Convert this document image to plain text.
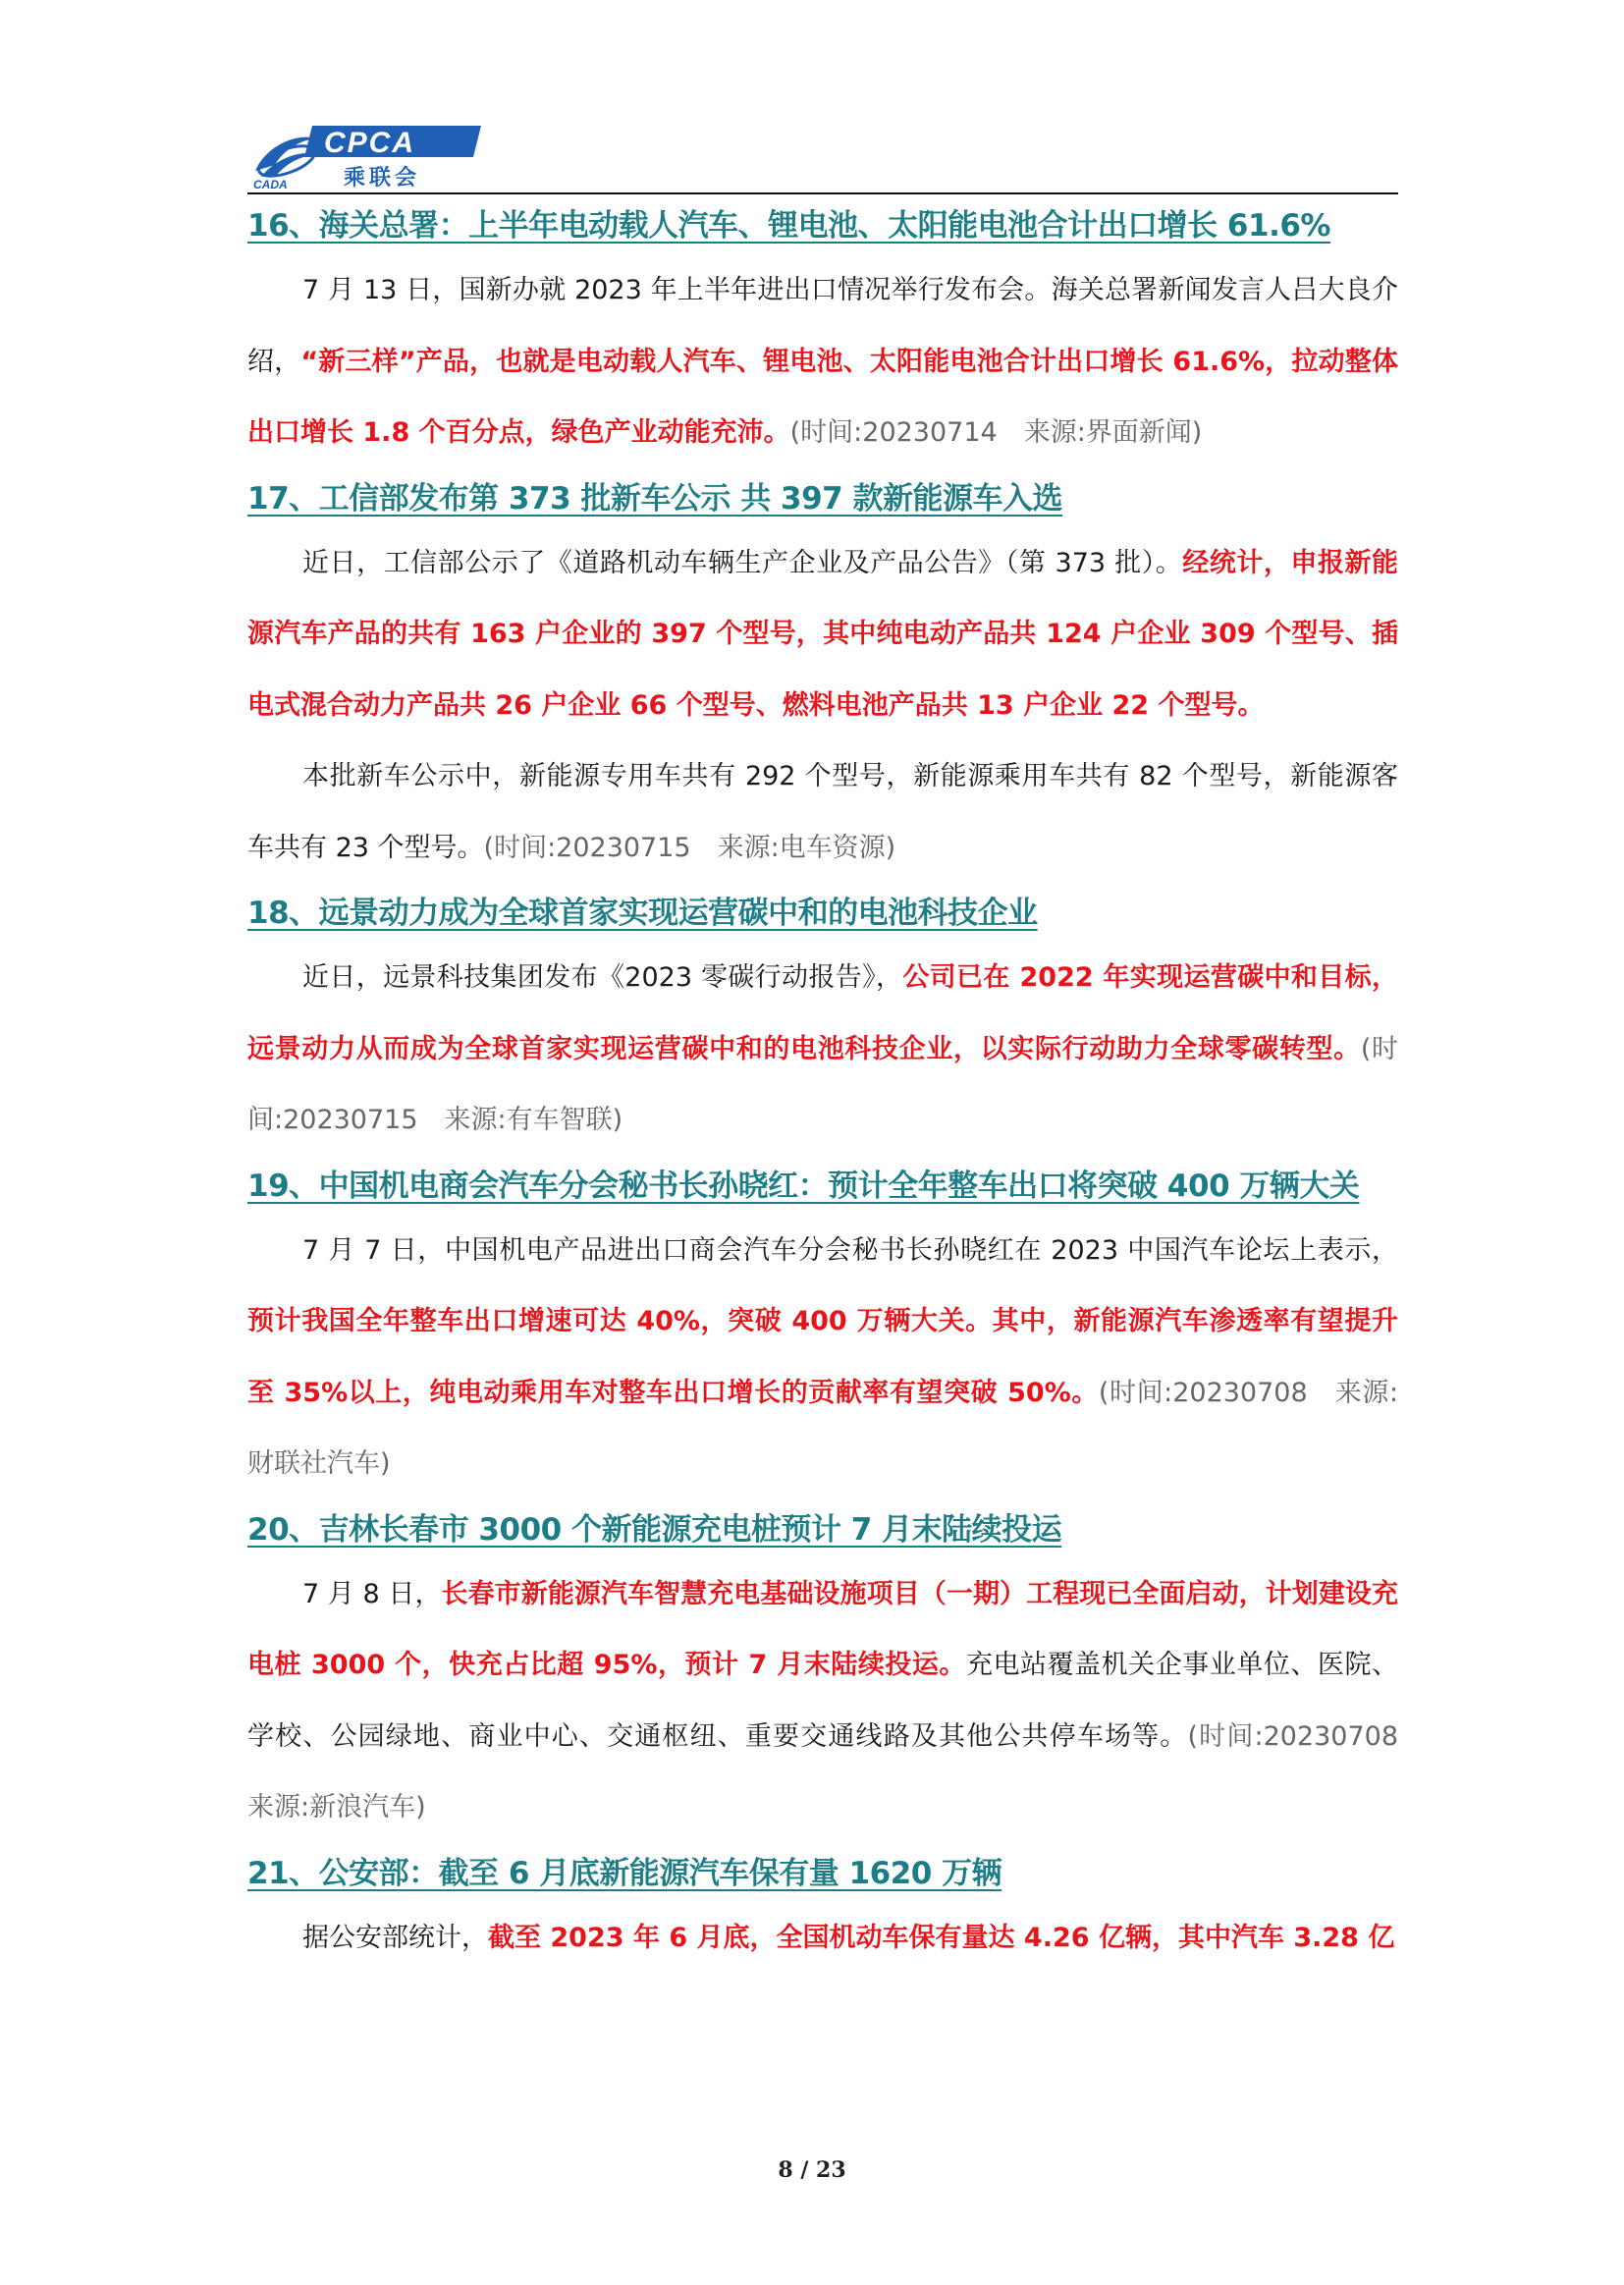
CADA
CPCA
乘联会
16、海关总署：上半年电动载人汽车、锂电池、太阳能电池合计出口增长 61.6%

7 月 13 日，国新办就 2023 年上半年进出口情况举行发布会。海关总署新闻发言人吕大良介绍，“新三样”产品，也就是电动载人汽车、锂电池、太阳能电池合计出口增长 61.6%，拉动整体出口增长 1.8 个百分点，绿色产业动能充沛。(时间:20230714　来源:界面新闻)

17、工信部发布第 373 批新车公示 共 397 款新能源车入选

近日，工信部公示了《道路机动车辆生产企业及产品公告》（第 373 批）。经统计，申报新能源汽车产品的共有 163 户企业的 397 个型号，其中纯电动产品共 124 户企业 309 个型号、插电式混合动力产品共 26 户企业 66 个型号、燃料电池产品共 13 户企业 22 个型号。

本批新车公示中，新能源专用车共有 292 个型号，新能源乘用车共有 82 个型号，新能源客车共有 23 个型号。(时间:20230715　来源:电车资源)

18、远景动力成为全球首家实现运营碳中和的电池科技企业

近日，远景科技集团发布《2023 零碳行动报告》，公司已在 2022 年实现运营碳中和目标，远景动力从而成为全球首家实现运营碳中和的电池科技企业，以实际行动助力全球零碳转型。(时间:20230715　来源:有车智联)

19、中国机电商会汽车分会秘书长孙晓红：预计全年整车出口将突破 400 万辆大关

7 月 7 日，中国机电产品进出口商会汽车分会秘书长孙晓红在 2023 中国汽车论坛上表示，预计我国全年整车出口增速可达 40%，突破 400 万辆大关。其中，新能源汽车渗透率有望提升至 35%以上，纯电动乘用车对整车出口增长的贡献率有望突破 50%。(时间:20230708　来源:财联社汽车)

20、吉林长春市 3000 个新能源充电桩预计 7 月末陆续投运

7 月 8 日，长春市新能源汽车智慧充电基础设施项目（一期）工程现已全面启动，计划建设充电桩 3000 个，快充占比超 95%，预计 7 月末陆续投运。充电站覆盖机关企事业单位、医院、学校、公园绿地、商业中心、交通枢纽、重要交通线路及其他公共停车场等。(时间:20230708　来源:新浪汽车)

21、公安部：截至 6 月底新能源汽车保有量 1620 万辆

据公安部统计，截至 2023 年 6 月底，全国机动车保有量达 4.26 亿辆，其中汽车 3.28 亿

8 / 23
